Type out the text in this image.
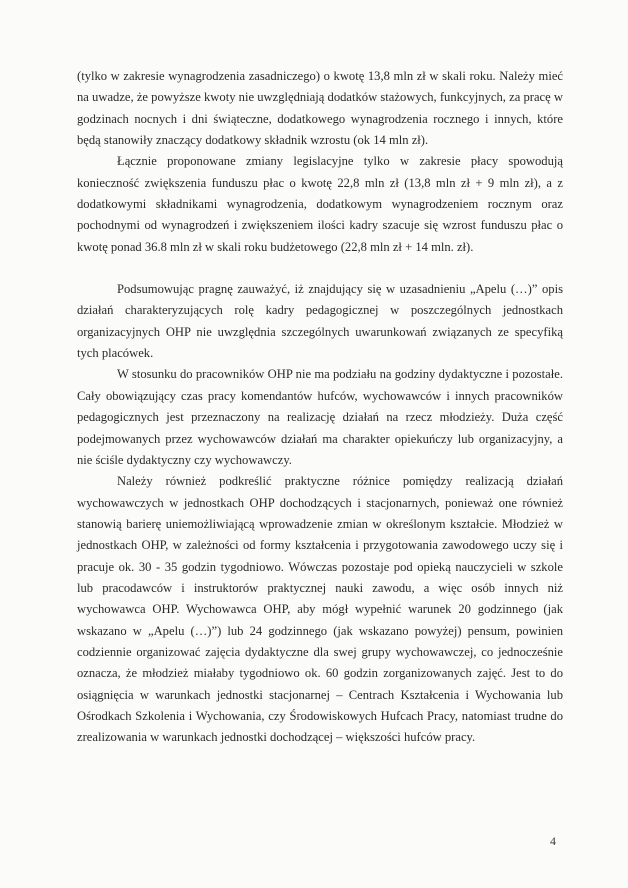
(tylko w zakresie wynagrodzenia zasadniczego) o kwotę 13,8 mln zł w skali roku. Należy mieć na uwadze, że powyższe kwoty nie uwzględniają dodatków stażowych, funkcyjnych, za pracę w godzinach nocnych i dni świąteczne, dodatkowego wynagrodzenia rocznego i innych, które będą stanowiły znaczący dodatkowy składnik wzrostu (ok 14 mln zł).

Łącznie proponowane zmiany legislacyjne tylko w zakresie płacy spowodują konieczność zwiększenia funduszu płac o kwotę 22,8 mln zł (13,8 mln zł + 9 mln zł), a z dodatkowymi składnikami wynagrodzenia, dodatkowym wynagrodzeniem rocznym oraz pochodnymi od wynagrodzeń i zwiększeniem ilości kadry szacuje się wzrost funduszu płac o kwotę ponad 36.8 mln zł w skali roku budżetowego (22,8 mln zł + 14 mln. zł).

Podsumowując pragnę zauważyć, iż znajdujący się w uzasadnieniu „Apelu (…)” opis działań charakteryzujących rolę kadry pedagogicznej w poszczególnych jednostkach organizacyjnych OHP nie uwzględnia szczególnych uwarunkowań związanych ze specyfiką tych placówek.

W stosunku do pracowników OHP nie ma podziału na godziny dydaktyczne i pozostałe. Cały obowiązujący czas pracy komendantów hufców, wychowawców i innych pracowników pedagogicznych jest przeznaczony na realizację działań na rzecz młodzieży. Duża część podejmowanych przez wychowawców działań ma charakter opiekuńczy lub organizacyjny, a nie ściśle dydaktyczny czy wychowawczy.

Należy również podkreślić praktyczne różnice pomiędzy realizacją działań wychowawczych w jednostkach OHP dochodzących i stacjonarnych, ponieważ one również stanowią barierę uniemożliwiającą wprowadzenie zmian w określonym kształcie. Młodzież w jednostkach OHP, w zależności od formy kształcenia i przygotowania zawodowego uczy się i pracuje ok. 30 - 35 godzin tygodniowo. Wówczas pozostaje pod opieką nauczycieli w szkole lub pracodawców i instruktorów praktycznej nauki zawodu, a więc osób innych niż wychowawca OHP. Wychowawca OHP, aby mógł wypełnić warunek 20 godzinnego (jak wskazano w „Apelu (…)”) lub 24 godzinnego (jak wskazano powyżej) pensum, powinien codziennie organizować zajęcia dydaktyczne dla swej grupy wychowawczej, co jednocześnie oznacza, że młodzież miałaby tygodniowo ok. 60 godzin zorganizowanych zajęć. Jest to do osiągnięcia w warunkach jednostki stacjonarnej – Centrach Kształcenia i Wychowania lub Ośrodkach Szkolenia i Wychowania, czy Środowiskowych Hufcach Pracy, natomiast trudne do zrealizowania w warunkach jednostki dochodzącej – większości hufców pracy.

4
